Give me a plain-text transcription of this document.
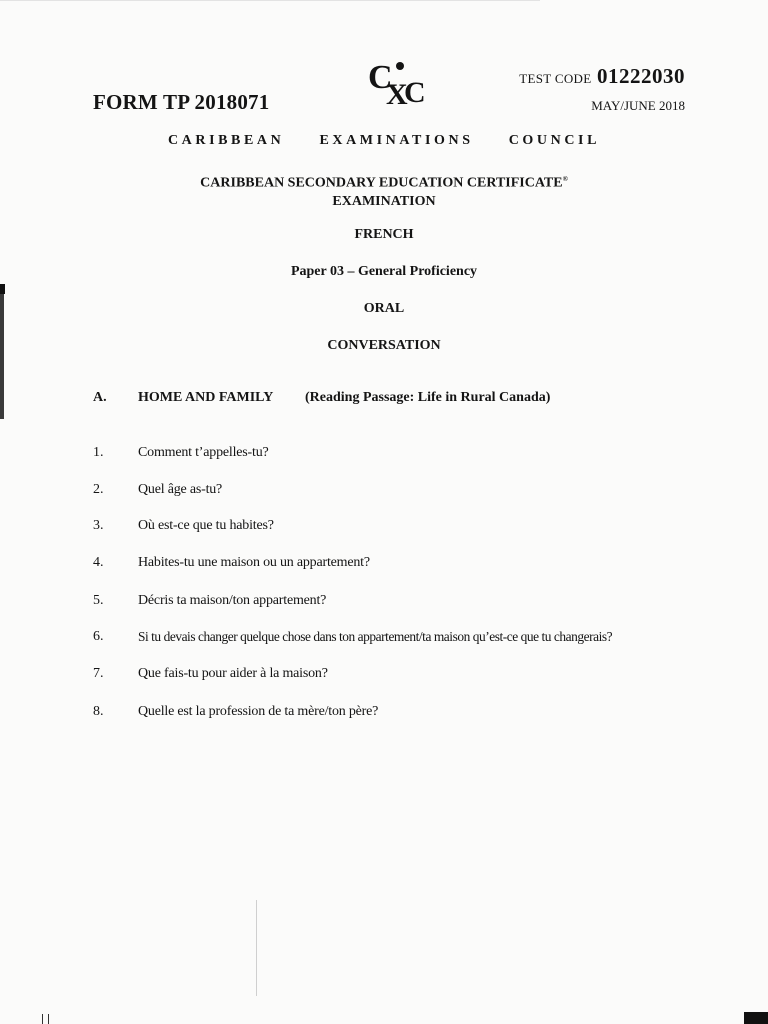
FORM TP 2018071
C
X
C	TEST CODE 01222030
MAY/JUNE 2018
CARIBBEAN EXAMINATIONS COUNCIL
CARIBBEAN SECONDARY EDUCATION CERTIFICATE®
EXAMINATION
FRENCH
Paper 03 – General Proficiency
ORAL
CONVERSATION
A. HOME AND FAMILY (Reading Passage: Life in Rural Canada)
1. Comment t’appelles-tu?
2. Quel âge as-tu?
3. Où est-ce que tu habites?
4. Habites-tu une maison ou un appartement?
5. Décris ta maison/ton appartement?
6.	Si tu devais changer quelque chose dans ton appartement/ta maison qu’est-ce que tu changerais?
7. Que fais-tu pour aider à la maison?
8. Quelle est la profession de ta mère/ton père?
